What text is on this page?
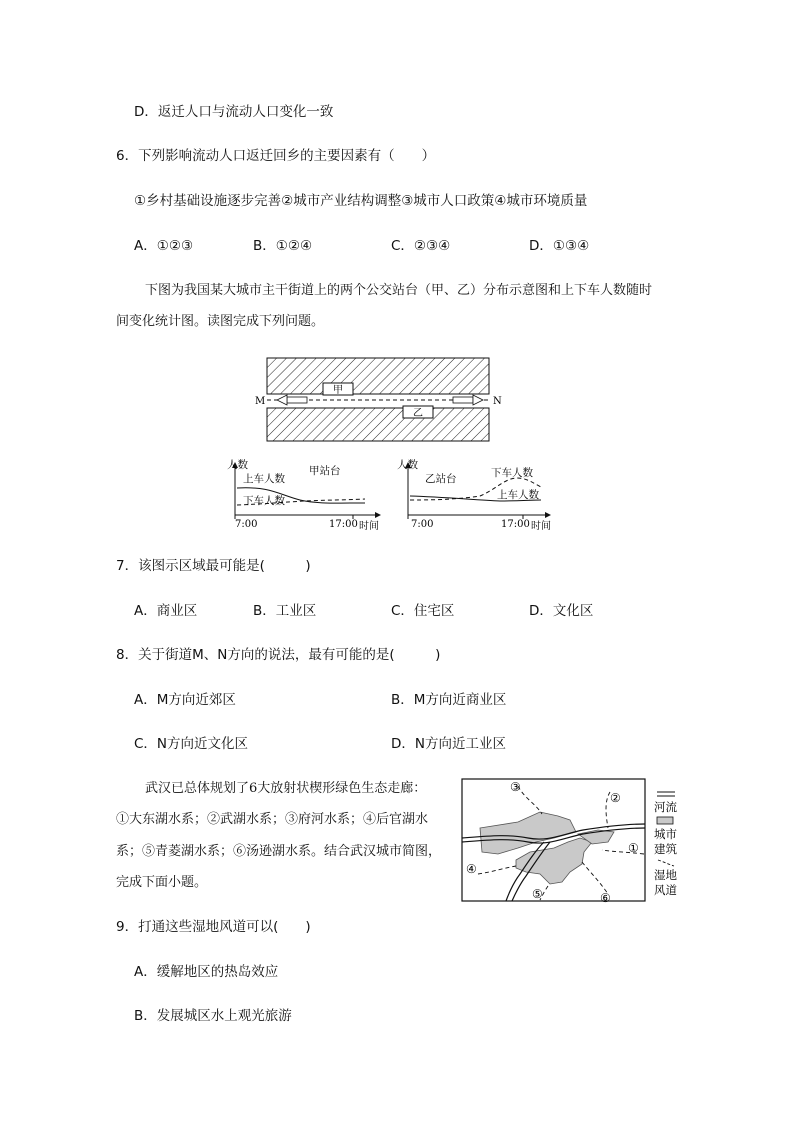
D．返迁人口与流动人口变化一致
6．下列影响流动人口返迁回乡的主要因素有（　　）
①乡村基础设施逐步完善②城市产业结构调整③城市人口政策④城市环境质量
A．①②③	B．①②④	C．②③④	D．①③④
下图为我国某大城市主干街道上的两个公交站台（甲、乙）分布示意图和上下车人数随时
间变化统计图。读图完成下列问题。
甲
乙
M	N
人数	甲站台
上车人数
下车人数
7:00	17:00 时间
人数
乙站台	下车人数
上车人数
7:00	17:00 时间
7．该图示区域最可能是(　　　)
A．商业区	B．工业区	C．住宅区	D．文化区
8．关于街道M、N方向的说法，最有可能的是(　　　)
A．M方向近郊区	B．M方向近商业区
C．N方向近文化区	D．N方向近工业区
武汉已总体规划了6大放射状楔形绿色生态走廊：
①大东湖水系；②武湖水系；③府河水系；④后官湖水
系；⑤青菱湖水系；⑥汤逊湖水系。结合武汉城市简图，
完成下面小题。
①
②
③
④
⑤	⑥
河流
城市
建筑
湿地
风道
9．打通这些湿地风道可以(　　)
A．缓解地区的热岛效应
B．发展城区水上观光旅游
